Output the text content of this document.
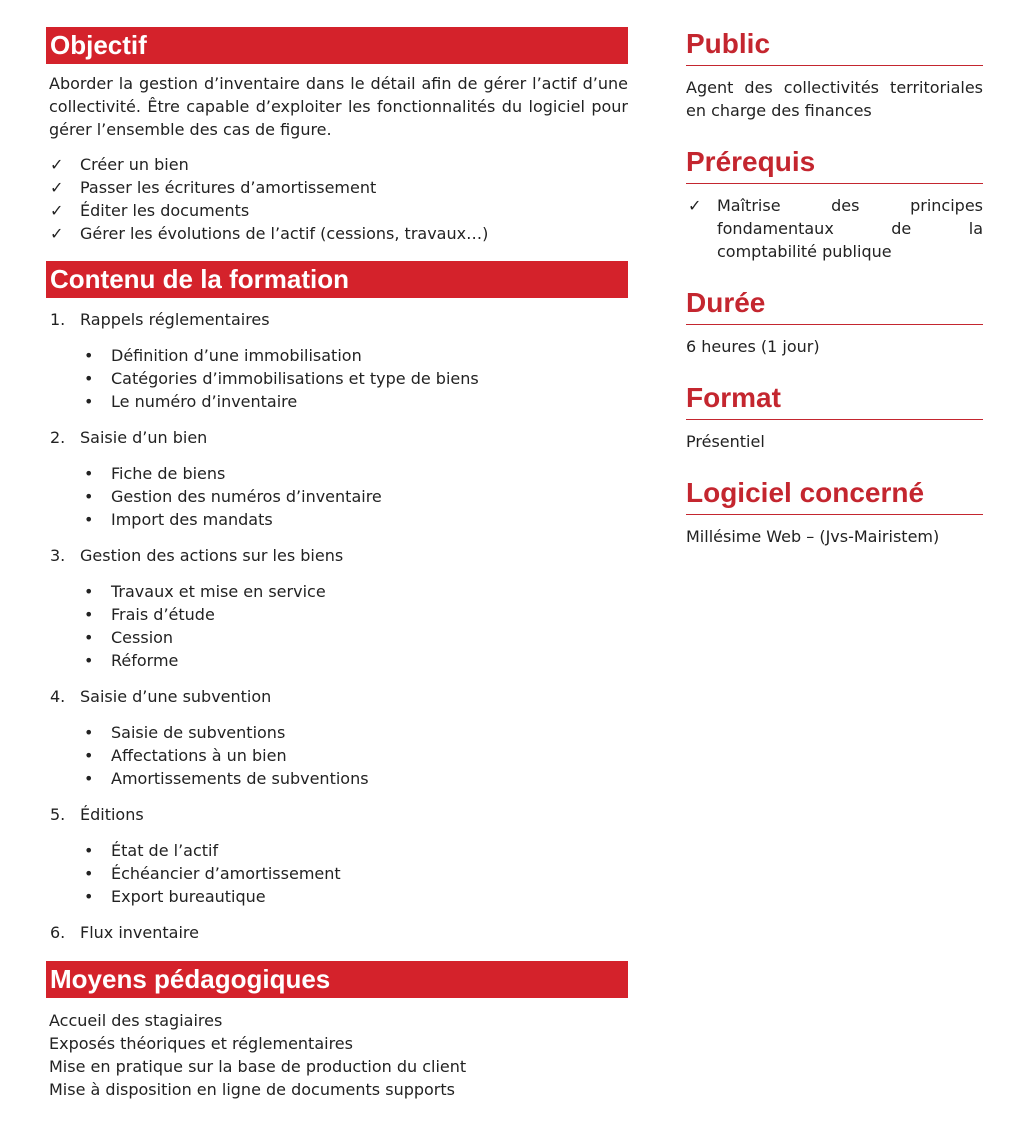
Objectif

Aborder la gestion d’inventaire dans le détail afin de gérer l’actif d’une collectivité. Être capable d’exploiter les fonctionnalités du logiciel pour gérer l’ensemble des cas de figure.

✓ Créer un bien
✓ Passer les écritures d’amortissement
✓ Éditer les documents
✓ Gérer les évolutions de l’actif (cessions, travaux…)
Contenu de la formation
1. Rappels réglementaires
• Définition d’une immobilisation
• Catégories d’immobilisations et type de biens
• Le numéro d’inventaire
2. Saisie d’un bien
• Fiche de biens
• Gestion des numéros d’inventaire
• Import des mandats
3. Gestion des actions sur les biens
• Travaux et mise en service
• Frais d’étude
• Cession
• Réforme
4. Saisie d’une subvention
• Saisie de subventions
• Affectations à un bien
• Amortissements de subventions
5. Éditions
• État de l’actif
• Échéancier d’amortissement
• Export bureautique
6. Flux inventaire
Moyens pédagogiques
Accueil des stagiaires
Exposés théoriques et réglementaires
Mise en pratique sur la base de production du client
Mise à disposition en ligne de documents supports
Public

Agent des collectivités territoriales en charge des finances

Prérequis
✓ Maîtrise des principes fondamentaux de la comptabilité publique
Durée

6 heures (1 jour)

Format

Présentiel

Logiciel concerné

Millésime Web – (Jvs-Mairistem)
